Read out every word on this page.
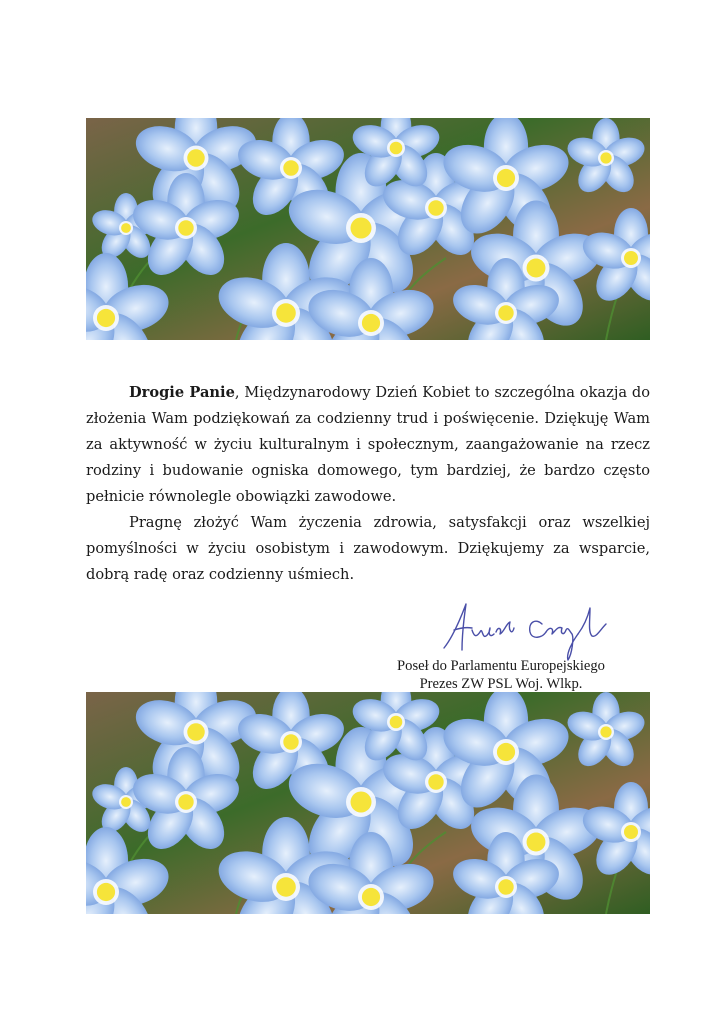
Drogie Panie, Międzynarodowy Dzień Kobiet to szczególna okazja do złożenia Wam podziękowań za codzienny trud i poświęcenie. Dziękuję Wam za aktywność w życiu kulturalnym i społecznym, zaangażowanie na rzecz rodziny i budowanie ogniska domowego, tym bardziej, że bardzo często pełnicie równolegle obowiązki zawodowe.

Pragnę złożyć Wam życzenia zdrowia, satysfakcji oraz wszelkiej pomyślności w życiu osobistym i zawodowym. Dziękujemy za wsparcie, dobrą radę oraz codzienny uśmiech.

Poseł do Parlamentu Europejskiego
Prezes ZW PSL Woj. Wlkp.
